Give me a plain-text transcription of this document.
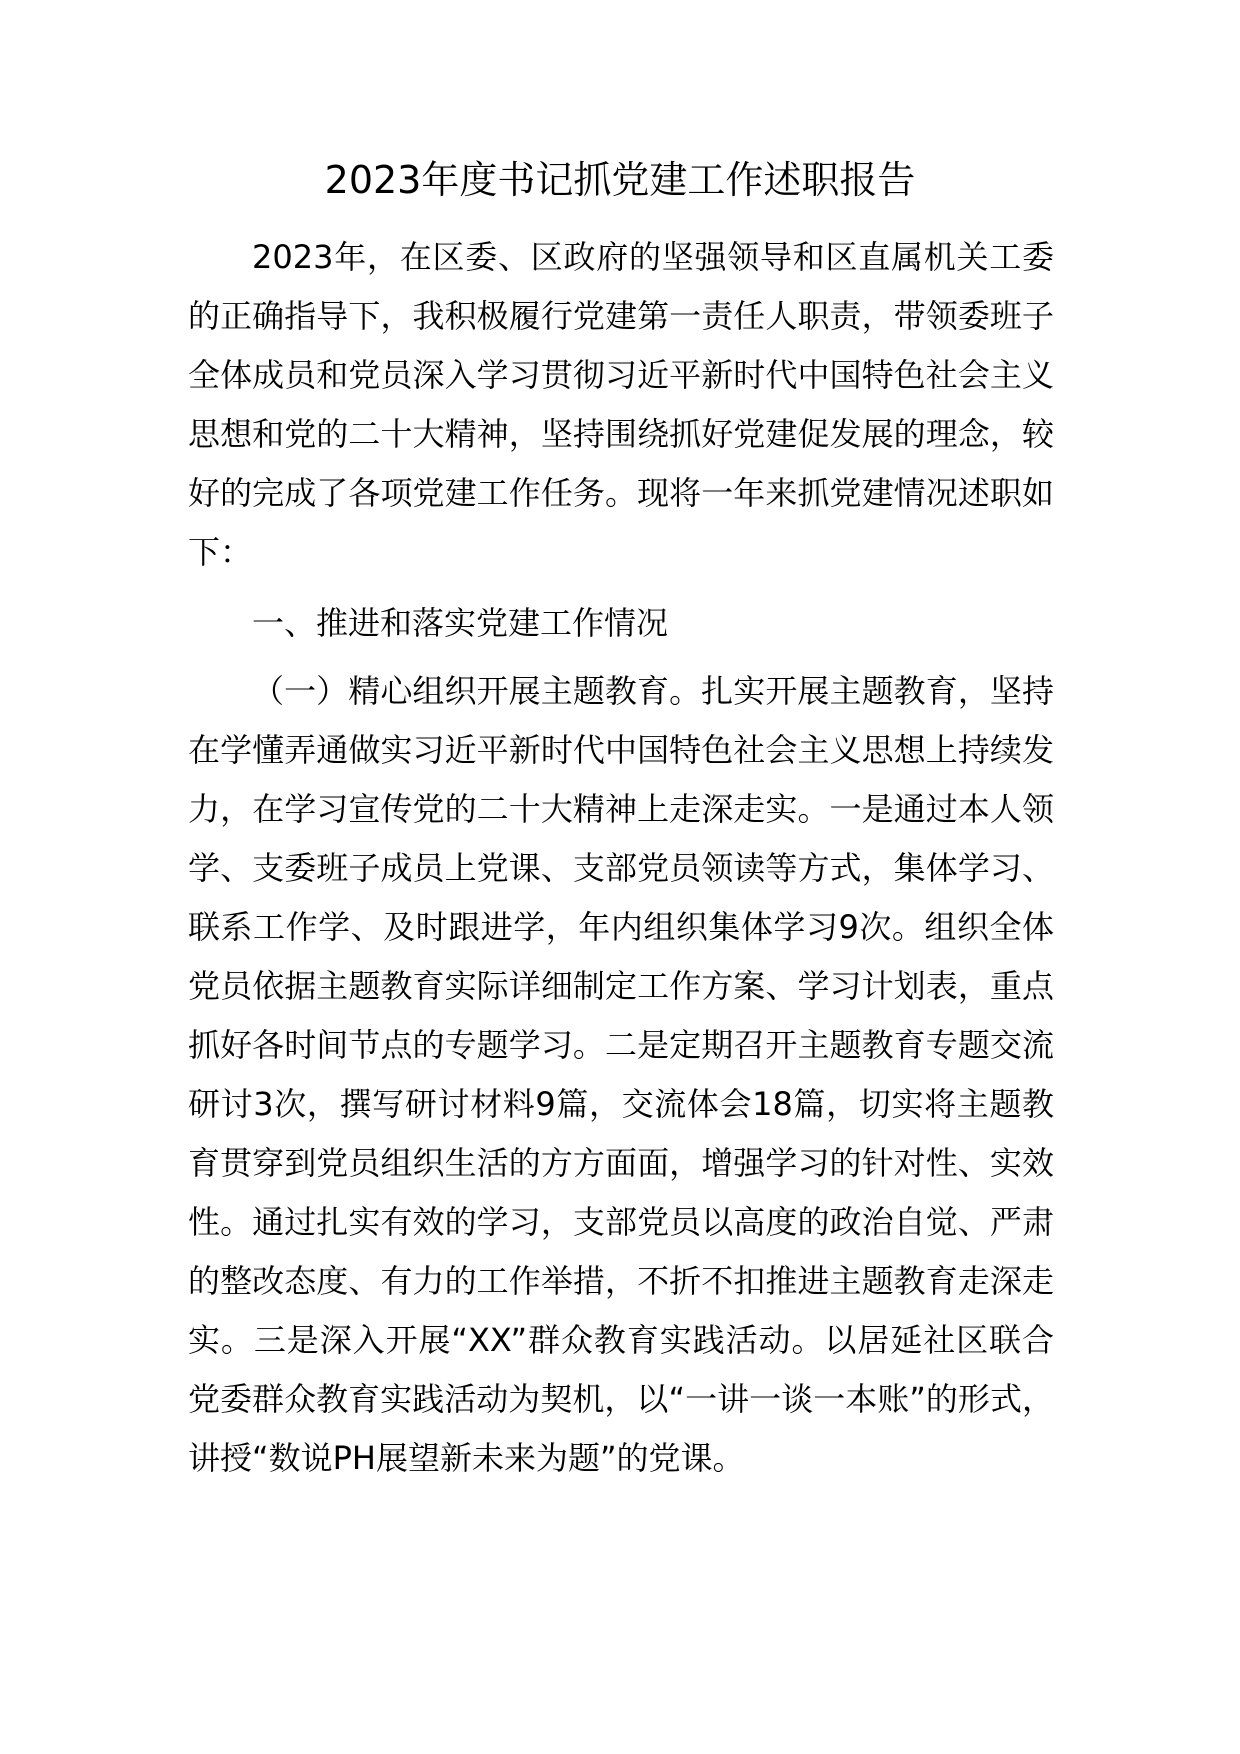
2023年度书记抓党建工作述职报告

2023年，在区委、区政府的坚强领导和区直属机关工委的正确指导下，我积极履行党建第一责任人职责，带领委班子全体成员和党员深入学习贯彻习近平新时代中国特色社会主义思想和党的二十大精神，坚持围绕抓好党建促发展的理念，较好的完成了各项党建工作任务。现将一年来抓党建情况述职如下：

一、推进和落实党建工作情况

（一）精心组织开展主题教育。扎实开展主题教育，坚持在学懂弄通做实习近平新时代中国特色社会主义思想上持续发力，在学习宣传党的二十大精神上走深走实。一是通过本人领学、支委班子成员上党课、支部党员领读等方式，集体学习、联系工作学、及时跟进学，年内组织集体学习9次。组织全体党员依据主题教育实际详细制定工作方案、学习计划表，重点抓好各时间节点的专题学习。二是定期召开主题教育专题交流研讨3次，撰写研讨材料9篇，交流体会18篇，切实将主题教育贯穿到党员组织生活的方方面面，增强学习的针对性、实效性。通过扎实有效的学习，支部党员以高度的政治自觉、严肃的整改态度、有力的工作举措，不折不扣推进主题教育走深走实。三是深入开展“XX”群众教育实践活动。以居延社区联合党委群众教育实践活动为契机，以“一讲一谈一本账”的形式，讲授“数说PH展望新未来为题”的党课。
